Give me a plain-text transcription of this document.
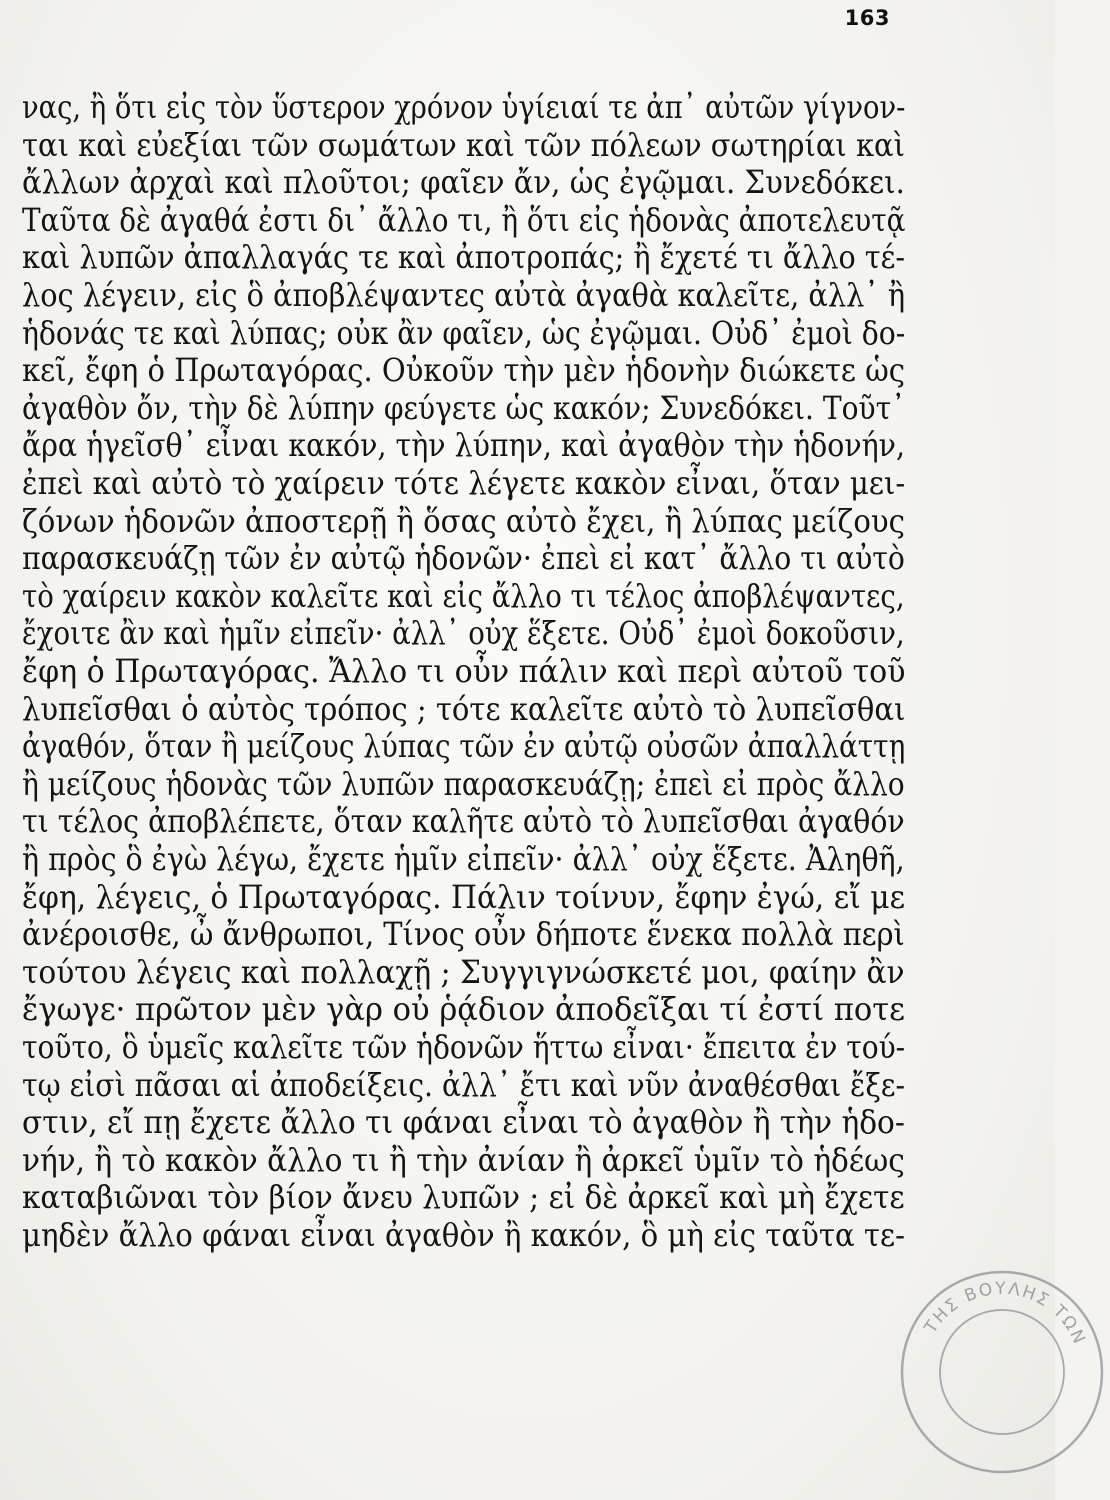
163
νας, ἢ ὅτι εἰς τὸν ὕστερον χρόνον ὑγίειαί τε ἀπ᾽ αὐτῶν γίγνον-
ται καὶ εὐεξίαι τῶν σωμάτων καὶ τῶν πόλεων σωτηρίαι καὶ
ἄλλων ἀρχαὶ καὶ πλοῦτοι; φαῖεν ἄν, ὡς ἐγῷμαι. Συνεδόκει.
Ταῦτα δὲ ἀγαθά ἐστι δι᾽ ἄλλο τι, ἢ ὅτι εἰς ἡδονὰς ἀποτελευτᾷ
καὶ λυπῶν ἀπαλλαγάς τε καὶ ἀποτροπάς; ἢ ἔχετέ τι ἄλλο τέ-
λος λέγειν, εἰς ὃ ἀποβλέψαντες αὐτὰ ἀγαθὰ καλεῖτε, ἀλλ᾽ ἢ
ἡδονάς τε καὶ λύπας; οὐκ ἂν φαῖεν, ὡς ἐγῷμαι. Οὐδ᾽ ἐμοὶ δο-
κεῖ, ἔφη ὁ Πρωταγόρας. Οὐκοῦν τὴν μὲν ἡδονὴν διώκετε ὡς
ἀγαθὸν ὄν, τὴν δὲ λύπην φεύγετε ὡς κακόν; Συνεδόκει. Τοῦτ᾽
ἄρα ἡγεῖσθ᾽ εἶναι κακόν, τὴν λύπην, καὶ ἀγαθὸν τὴν ἡδονήν,
ἐπεὶ καὶ αὐτὸ τὸ χαίρειν τότε λέγετε κακὸν εἶναι, ὅταν μει-
ζόνων ἡδονῶν ἀποστερῇ ἢ ὅσας αὐτὸ ἔχει, ἢ λύπας μείζους
παρασκευάζῃ τῶν ἐν αὐτῷ ἡδονῶν· ἐπεὶ εἰ κατ᾽ ἄλλο τι αὐτὸ
τὸ χαίρειν κακὸν καλεῖτε καὶ εἰς ἄλλο τι τέλος ἀποβλέψαντες,
ἔχοιτε ἂν καὶ ἡμῖν εἰπεῖν· ἀλλ᾽ οὐχ ἕξετε. Οὐδ᾽ ἐμοὶ δοκοῦσιν,
ἔφη ὁ Πρωταγόρας. Ἄλλο τι οὖν πάλιν καὶ περὶ αὐτοῦ τοῦ
λυπεῖσθαι ὁ αὐτὸς τρόπος ; τότε καλεῖτε αὐτὸ τὸ λυπεῖσθαι
ἀγαθόν, ὅταν ἢ μείζους λύπας τῶν ἐν αὐτῷ οὐσῶν ἀπαλλάττῃ
ἢ μείζους ἡδονὰς τῶν λυπῶν παρασκευάζῃ; ἐπεὶ εἰ πρὸς ἄλλο
τι τέλος ἀποβλέπετε, ὅταν καλῆτε αὐτὸ τὸ λυπεῖσθαι ἀγαθόν
ἢ πρὸς ὃ ἐγὼ λέγω, ἔχετε ἡμῖν εἰπεῖν· ἀλλ᾽ οὐχ ἕξετε. Ἀληθῆ,
ἔφη, λέγεις, ὁ Πρωταγόρας. Πάλιν τοίνυν, ἔφην ἐγώ, εἴ με
ἀνέροισθε, ὦ ἄνθρωποι, Τίνος οὖν δήποτε ἕνεκα πολλὰ περὶ
τούτου λέγεις καὶ πολλαχῇ ; Συγγιγνώσκετέ μοι, φαίην ἂν
ἔγωγε· πρῶτον μὲν γὰρ οὐ ῥᾴδιον ἀποδεῖξαι τί ἐστί ποτε
τοῦτο, ὃ ὑμεῖς καλεῖτε τῶν ἡδονῶν ἥττω εἶναι· ἔπειτα ἐν τού-
τῳ εἰσὶ πᾶσαι αἱ ἀποδείξεις. ἀλλ᾽ ἔτι καὶ νῦν ἀναθέσθαι ἔξε-
στιν, εἴ πῃ ἔχετε ἄλλο τι φάναι εἶναι τὸ ἀγαθὸν ἢ τὴν ἡδο-
νήν, ἢ τὸ κακὸν ἄλλο τι ἢ τὴν ἀνίαν ἢ ἀρκεῖ ὑμῖν τὸ ἡδέως
καταβιῶναι τὸν βίον ἄνευ λυπῶν ; εἰ δὲ ἀρκεῖ καὶ μὴ ἔχετε
μηδὲν ἄλλο φάναι εἶναι ἀγαθὸν ἢ κακόν, ὃ μὴ εἰς ταῦτα τε-
ΤΗΣ ΒΟΥΛΗΣ ΤΩΝ
